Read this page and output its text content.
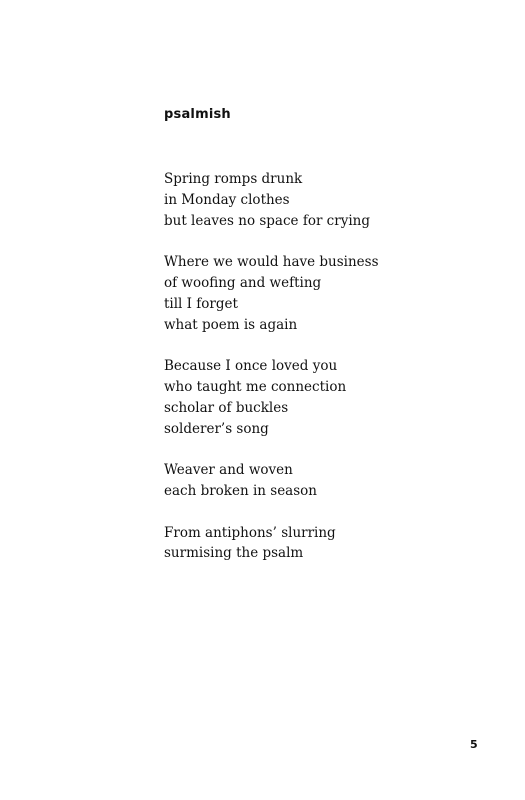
psalmish

Spring romps drunk
in Monday clothes
but leaves no space for crying

Where we would have business
of woofing and wefting
till I forget
what poem is again

Because I once loved you
who taught me connection
scholar of buckles
solderer’s song

Weaver and woven
each broken in season

From antiphons’ slurring
surmising the psalm

5
